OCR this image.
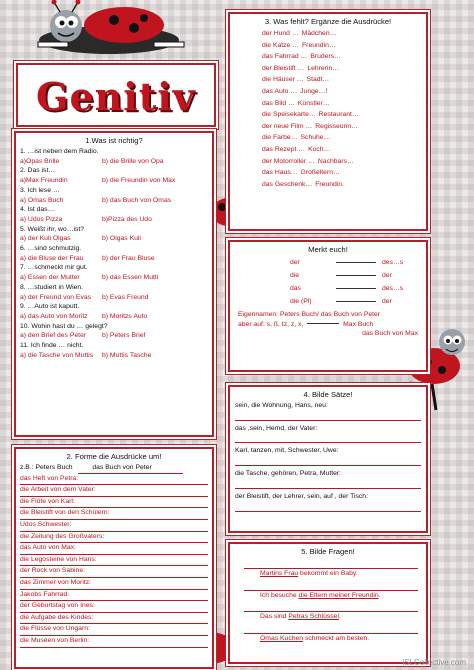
Genitiv
1.Was ist richtig?
1. …ist neben dem Radio.
a)Opas Brille	b) die Brille von Opa
2. Das ist…
a)Max Freundin	b) die Freundin von Max
3. Ich lese …
a) Omas Buch	b) das Buch von Omas
4. Ist das…
a) Udos Pizza	b)Pizza des Udo
5. Weißt ihr, wo…ist?
a) der Kuli Olgas	b) Olgas Kuli
6. …sind schmutzig.
a) die Bluse der Frau	b) der Frau Bluse
7. …schmeckt mir gut.
a) Essen der Mutter	b) das Essen Mutti
8. …studiert in Wien.
a) der Freund von Evas	b) Evas Freund
9. …Auto ist kaputt.
a) das Auto von Moritz	b) Moritzs Auto
10. Wohin hast du … gelegt?
a) den Brief des Peter	b) Peters Brief
11. Ich finde … nicht.
a) die Tasche von Muttis	b) Muttis Tasche
2. Forme die Ausdrücke um!
z.B.: Peters Buch	das Buch von Peter
das Heft von Petra:
die Arbeit von dem Vater:
die Flöte von Karl:
die Bleistift von den Schülern:
Udos Schwester:
die Zeitung des Großvaters:
das Auto von Max:
die Legosteine von Hans:
der Rock von Sabine:
das Zimmer von Moritz:
Jakobs Fahrrad:
der Geburtstag von Ines:
die Aufgabe des Kindes:
die Flüsse von Ungarn:
die Museen von Berlin:
3. Was fehlt? Ergänze die Ausdrücke!
der Hund … Mädchen…
die Katze … Freundin…
das Fahrrad … Bruders…
der Bleistift … Lehrerin…
die Häuser … Stadt…
das Auto … Junge…!
das Bild … Künstler…
die Speisekarte… Restaurant…
der neue Film … Regisseurin…
die Farbe… Schuhe…
das Rezept … Koch…
der Motorroller … Nachbars…
das Haus… Großeltern…
das Geschenk… Freundin.
Merkt euch!
der	des…s
die	der
das	des…s
die (Pl)	der
Eigennamen: Peters Buch/ das Buch von Peter
aber auf: s, ß, tz, z, x,	Max Buch
das Buch von Max
4. Bilde Sätze!
sein, die Wohnung, Hans, neu:
das ,sein, Hemd, der Vater:
Karl, tanzen, mit, Schwester, Uwe:
die Tasche, gehören, Petra, Mutter:
der Bleistift, der Lehrer, sein, auf , der Tisch:
5. Bilde Fragen!
Martins Frau bekommt ein Baby.
Ich besuche die Eltern meiner Freundin.
Das sind Petras Schlüssel.
Omas Kuchen schmeckt am besten.
iSLCollective.com
